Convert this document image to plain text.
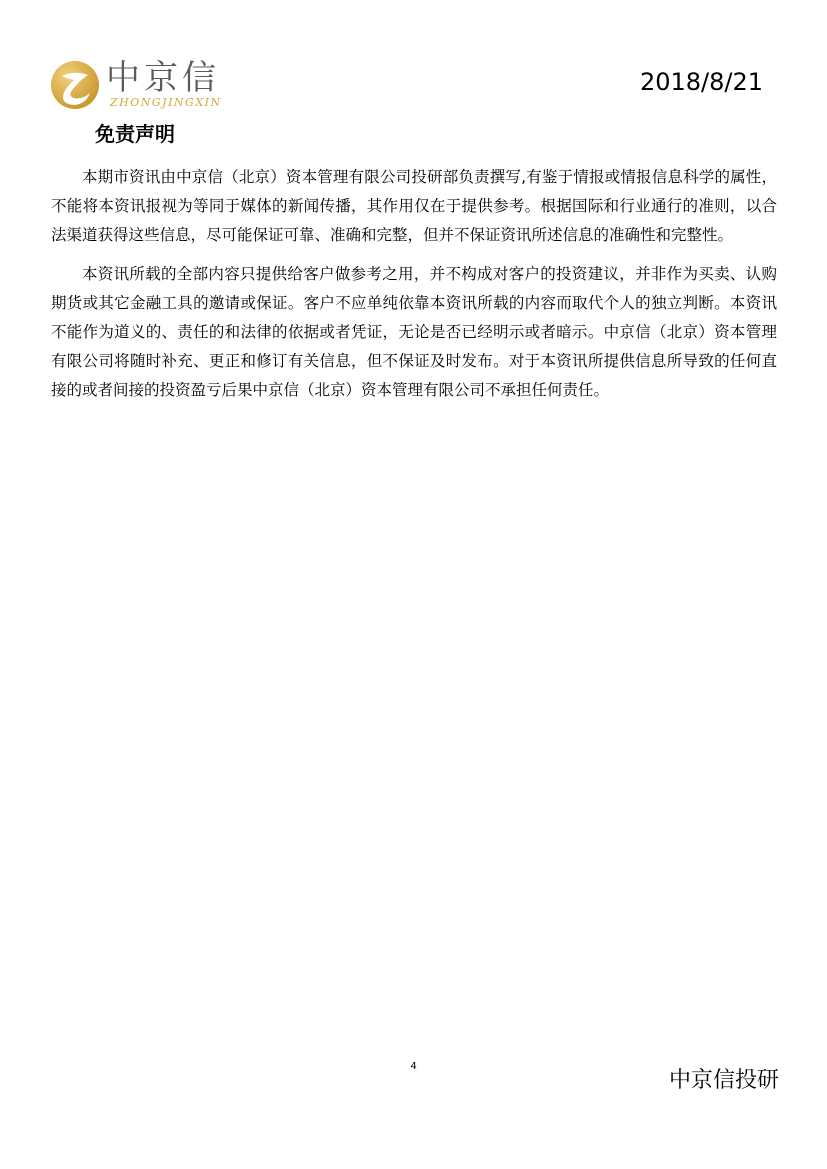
中京信
ZHONGJINGXIN
2018/8/21
免责声明

本期市资讯由中京信（北京）资本管理有限公司投研部负责撰写,有鉴于情报或情报信息科学的属性，不能将本资讯报视为等同于媒体的新闻传播，其作用仅在于提供参考。根据国际和行业通行的准则，以合法渠道获得这些信息，尽可能保证可靠、准确和完整，但并不保证资讯所述信息的准确性和完整性。

本资讯所载的全部内容只提供给客户做参考之用，并不构成对客户的投资建议，并非作为买卖、认购期货或其它金融工具的邀请或保证。客户不应单纯依靠本资讯所载的内容而取代个人的独立判断。本资讯不能作为道义的、责任的和法律的依据或者凭证，无论是否已经明示或者暗示。中京信（北京）资本管理有限公司将随时补充、更正和修订有关信息，但不保证及时发布。对于本资讯所提供信息所导致的任何直接的或者间接的投资盈亏后果中京信（北京）资本管理有限公司不承担任何责任。

4
中京信投研
